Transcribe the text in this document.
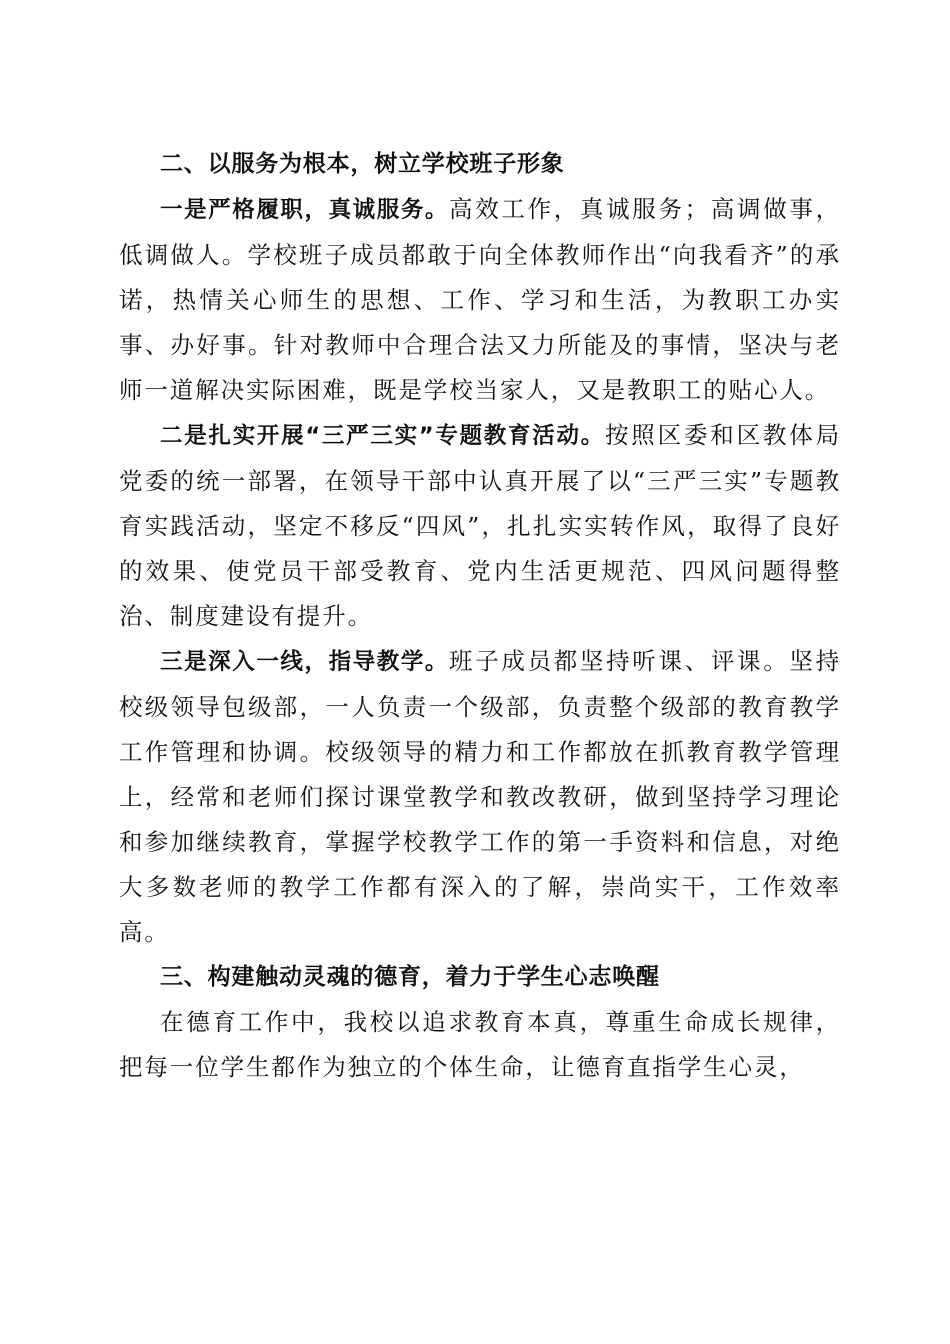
二、以服务为根本，树立学校班子形象

一是严格履职，真诚服务。高效工作，真诚服务；高调做事，低调做人。学校班子成员都敢于向全体教师作出“向我看齐”的承诺，热情关心师生的思想、工作、学习和生活，为教职工办实事、办好事。针对教师中合理合法又力所能及的事情，坚决与老师一道解决实际困难，既是学校当家人，又是教职工的贴心人。

二是扎实开展“三严三实”专题教育活动。按照区委和区教体局党委的统一部署，在领导干部中认真开展了以“三严三实”专题教育实践活动，坚定不移反“四风”，扎扎实实转作风，取得了良好的效果、使党员干部受教育、党内生活更规范、四风问题得整治、制度建设有提升。

三是深入一线，指导教学。班子成员都坚持听课、评课。坚持校级领导包级部，一人负责一个级部，负责整个级部的教育教学工作管理和协调。校级领导的精力和工作都放在抓教育教学管理上，经常和老师们探讨课堂教学和教改教研，做到坚持学习理论和参加继续教育，掌握学校教学工作的第一手资料和信息，对绝大多数老师的教学工作都有深入的了解，崇尚实干，工作效率高。

三、构建触动灵魂的德育，着力于学生心志唤醒

在德育工作中，我校以追求教育本真，尊重生命成长规律，把每一位学生都作为独立的个体生命，让德育直指学生心灵，
